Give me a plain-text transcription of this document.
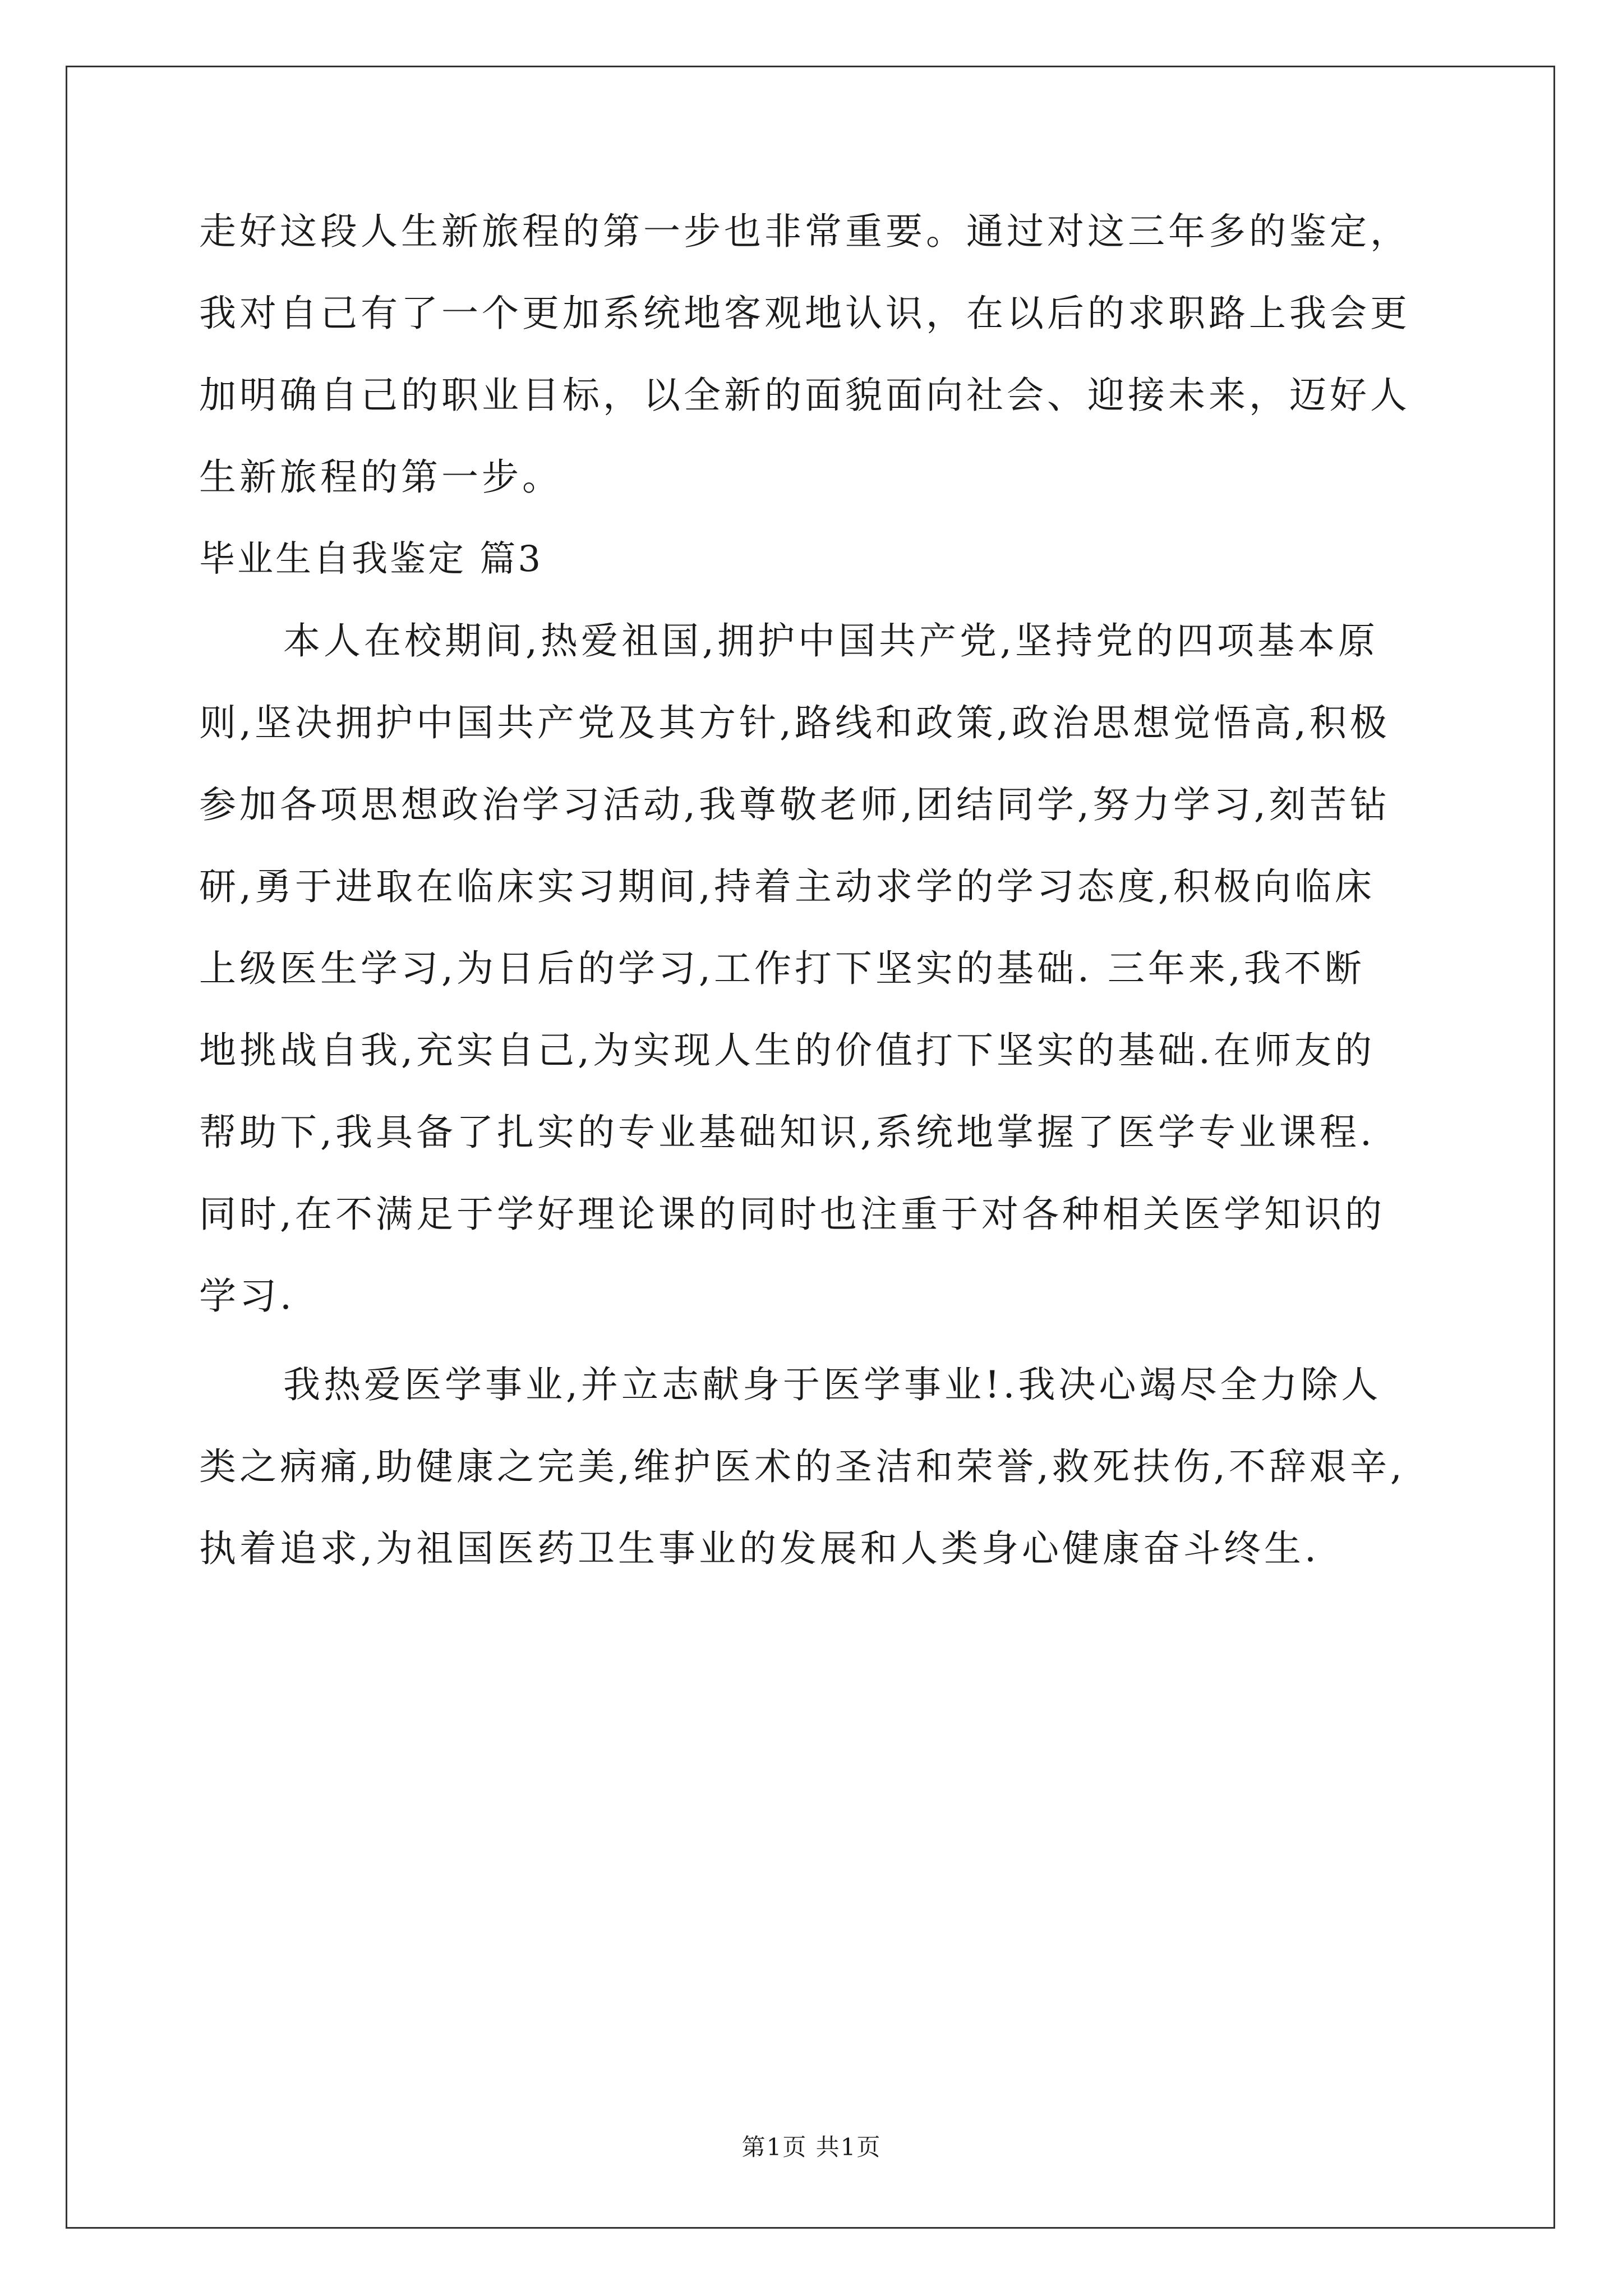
走好这段人生新旅程的第一步也非常重要。通过对这三年多的鉴定，
我对自己有了一个更加系统地客观地认识，在以后的求职路上我会更
加明确自己的职业目标，以全新的面貌面向社会、迎接未来，迈好人
生新旅程的第一步。
毕业生自我鉴定 篇3
本人在校期间,热爱祖国,拥护中国共产党,坚持党的四项基本原
则,坚决拥护中国共产党及其方针,路线和政策,政治思想觉悟高,积极
参加各项思想政治学习活动,我尊敬老师,团结同学,努力学习,刻苦钻
研,勇于进取在临床实习期间,持着主动求学的学习态度,积极向临床
上级医生学习,为日后的学习,工作打下坚实的基础. 三年来,我不断
地挑战自我,充实自己,为实现人生的价值打下坚实的基础.在师友的
帮助下,我具备了扎实的专业基础知识,系统地掌握了医学专业课程.
同时,在不满足于学好理论课的同时也注重于对各种相关医学知识的
学习.
我热爱医学事业,并立志献身于医学事业!.我决心竭尽全力除人
类之病痛,助健康之完美,维护医术的圣洁和荣誉,救死扶伤,不辞艰辛,
执着追求,为祖国医药卫生事业的发展和人类身心健康奋斗终生.
第1页 共1页
